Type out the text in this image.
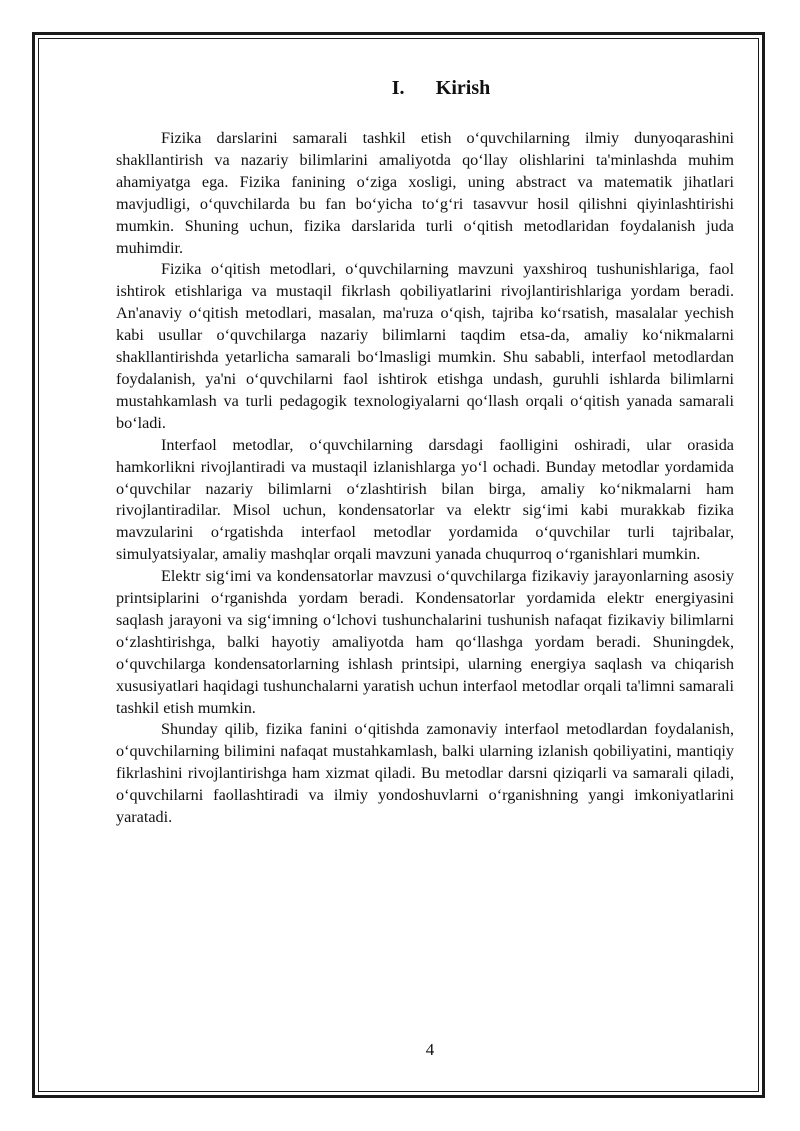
I. Kirish

Fizika darslarini samarali tashkil etish o‘quvchilarning ilmiy dunyoqarashini shakllantirish va nazariy bilimlarini amaliyotda qo‘llay olishlarini ta'minlashda muhim ahamiyatga ega. Fizika fanining o‘ziga xosligi, uning abstract va matematik jihatlari mavjudligi, o‘quvchilarda bu fan bo‘yicha to‘g‘ri tasavvur hosil qilishni qiyinlashtirishi mumkin. Shuning uchun, fizika darslarida turli o‘qitish metodlaridan foydalanish juda muhimdir.

Fizika o‘qitish metodlari, o‘quvchilarning mavzuni yaxshiroq tushunishlariga, faol ishtirok etishlariga va mustaqil fikrlash qobiliyatlarini rivojlantirishlariga yordam beradi. An'anaviy o‘qitish metodlari, masalan, ma'ruza o‘qish, tajriba ko‘rsatish, masalalar yechish kabi usullar o‘quvchilarga nazariy bilimlarni taqdim etsa-da, amaliy ko‘nikmalarni shakllantirishda yetarlicha samarali bo‘lmasligi mumkin. Shu sababli, interfaol metodlardan foydalanish, ya'ni o‘quvchilarni faol ishtirok etishga undash, guruhli ishlarda bilimlarni mustahkamlash va turli pedagogik texnologiyalarni qo‘llash orqali o‘qitish yanada samarali bo‘ladi.

Interfaol metodlar, o‘quvchilarning darsdagi faolligini oshiradi, ular orasida hamkorlikni rivojlantiradi va mustaqil izlanishlarga yo‘l ochadi. Bunday metodlar yordamida o‘quvchilar nazariy bilimlarni o‘zlashtirish bilan birga, amaliy ko‘nikmalarni ham rivojlantiradilar. Misol uchun, kondensatorlar va elektr sig‘imi kabi murakkab fizika mavzularini o‘rgatishda interfaol metodlar yordamida o‘quvchilar turli tajribalar, simulyatsiyalar, amaliy mashqlar orqali mavzuni yanada chuqurroq o‘rganishlari mumkin.

Elektr sig‘imi va kondensatorlar mavzusi o‘quvchilarga fizikaviy jarayonlarning asosiy printsiplarini o‘rganishda yordam beradi. Kondensatorlar yordamida elektr energiyasini saqlash jarayoni va sig‘imning o‘lchovi tushunchalarini tushunish nafaqat fizikaviy bilimlarni o‘zlashtirishga, balki hayotiy amaliyotda ham qo‘llashga yordam beradi. Shuningdek, o‘quvchilarga kondensatorlarning ishlash printsipi, ularning energiya saqlash va chiqarish xususiyatlari haqidagi tushunchalarni yaratish uchun interfaol metodlar orqali ta'limni samarali tashkil etish mumkin.

Shunday qilib, fizika fanini o‘qitishda zamonaviy interfaol metodlardan foydalanish, o‘quvchilarning bilimini nafaqat mustahkamlash, balki ularning izlanish qobiliyatini, mantiqiy fikrlashini rivojlantirishga ham xizmat qiladi. Bu metodlar darsni qiziqarli va samarali qiladi, o‘quvchilarni faollashtiradi va ilmiy yondoshuvlarni o‘rganishning yangi imkoniyatlarini yaratadi.

4
